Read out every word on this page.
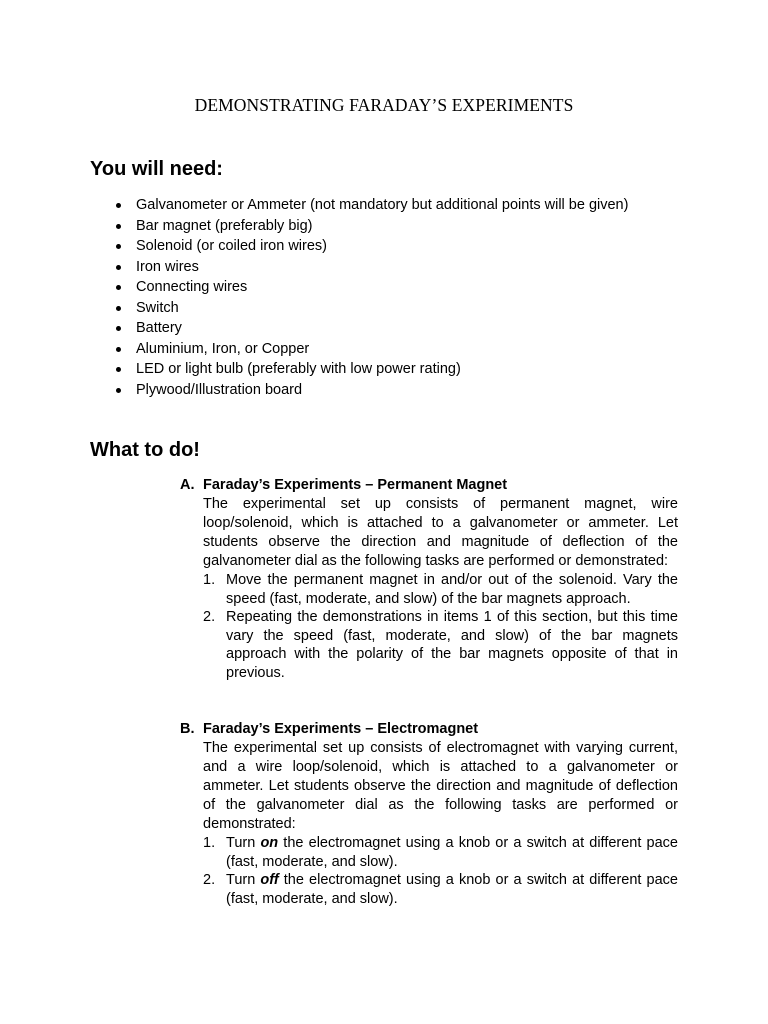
DEMONSTRATING FARADAY’S EXPERIMENTS
You will need:
Galvanometer or Ammeter (not mandatory but additional points will be given)
Bar magnet (preferably big)
Solenoid (or coiled iron wires)
Iron wires
Connecting wires
Switch
Battery
Aluminium, Iron, or Copper
LED or light bulb (preferably with low power rating)
Plywood/Illustration board
What to do!
A. Faraday’s Experiments – Permanent Magnet

The experimental set up consists of permanent magnet, wire loop/solenoid, which is attached to a galvanometer or ammeter. Let students observe the direction and magnitude of deflection of the galvanometer dial as the following tasks are performed or demonstrated:

1. Move the permanent magnet in and/or out of the solenoid. Vary the speed (fast, moderate, and slow) of the bar magnets approach.
2. Repeating the demonstrations in items 1 of this section, but this time vary the speed (fast, moderate, and slow) of the bar magnets approach with the polarity of the bar magnets opposite of that in previous.
B. Faraday’s Experiments – Electromagnet

The experimental set up consists of electromagnet with varying current, and a wire loop/solenoid, which is attached to a galvanometer or ammeter. Let students observe the direction and magnitude of deflection of the galvanometer dial as the following tasks are performed or demonstrated:

1. Turn on the electromagnet using a knob or a switch at different pace (fast, moderate, and slow).
2. Turn off the electromagnet using a knob or a switch at different pace (fast, moderate, and slow).
